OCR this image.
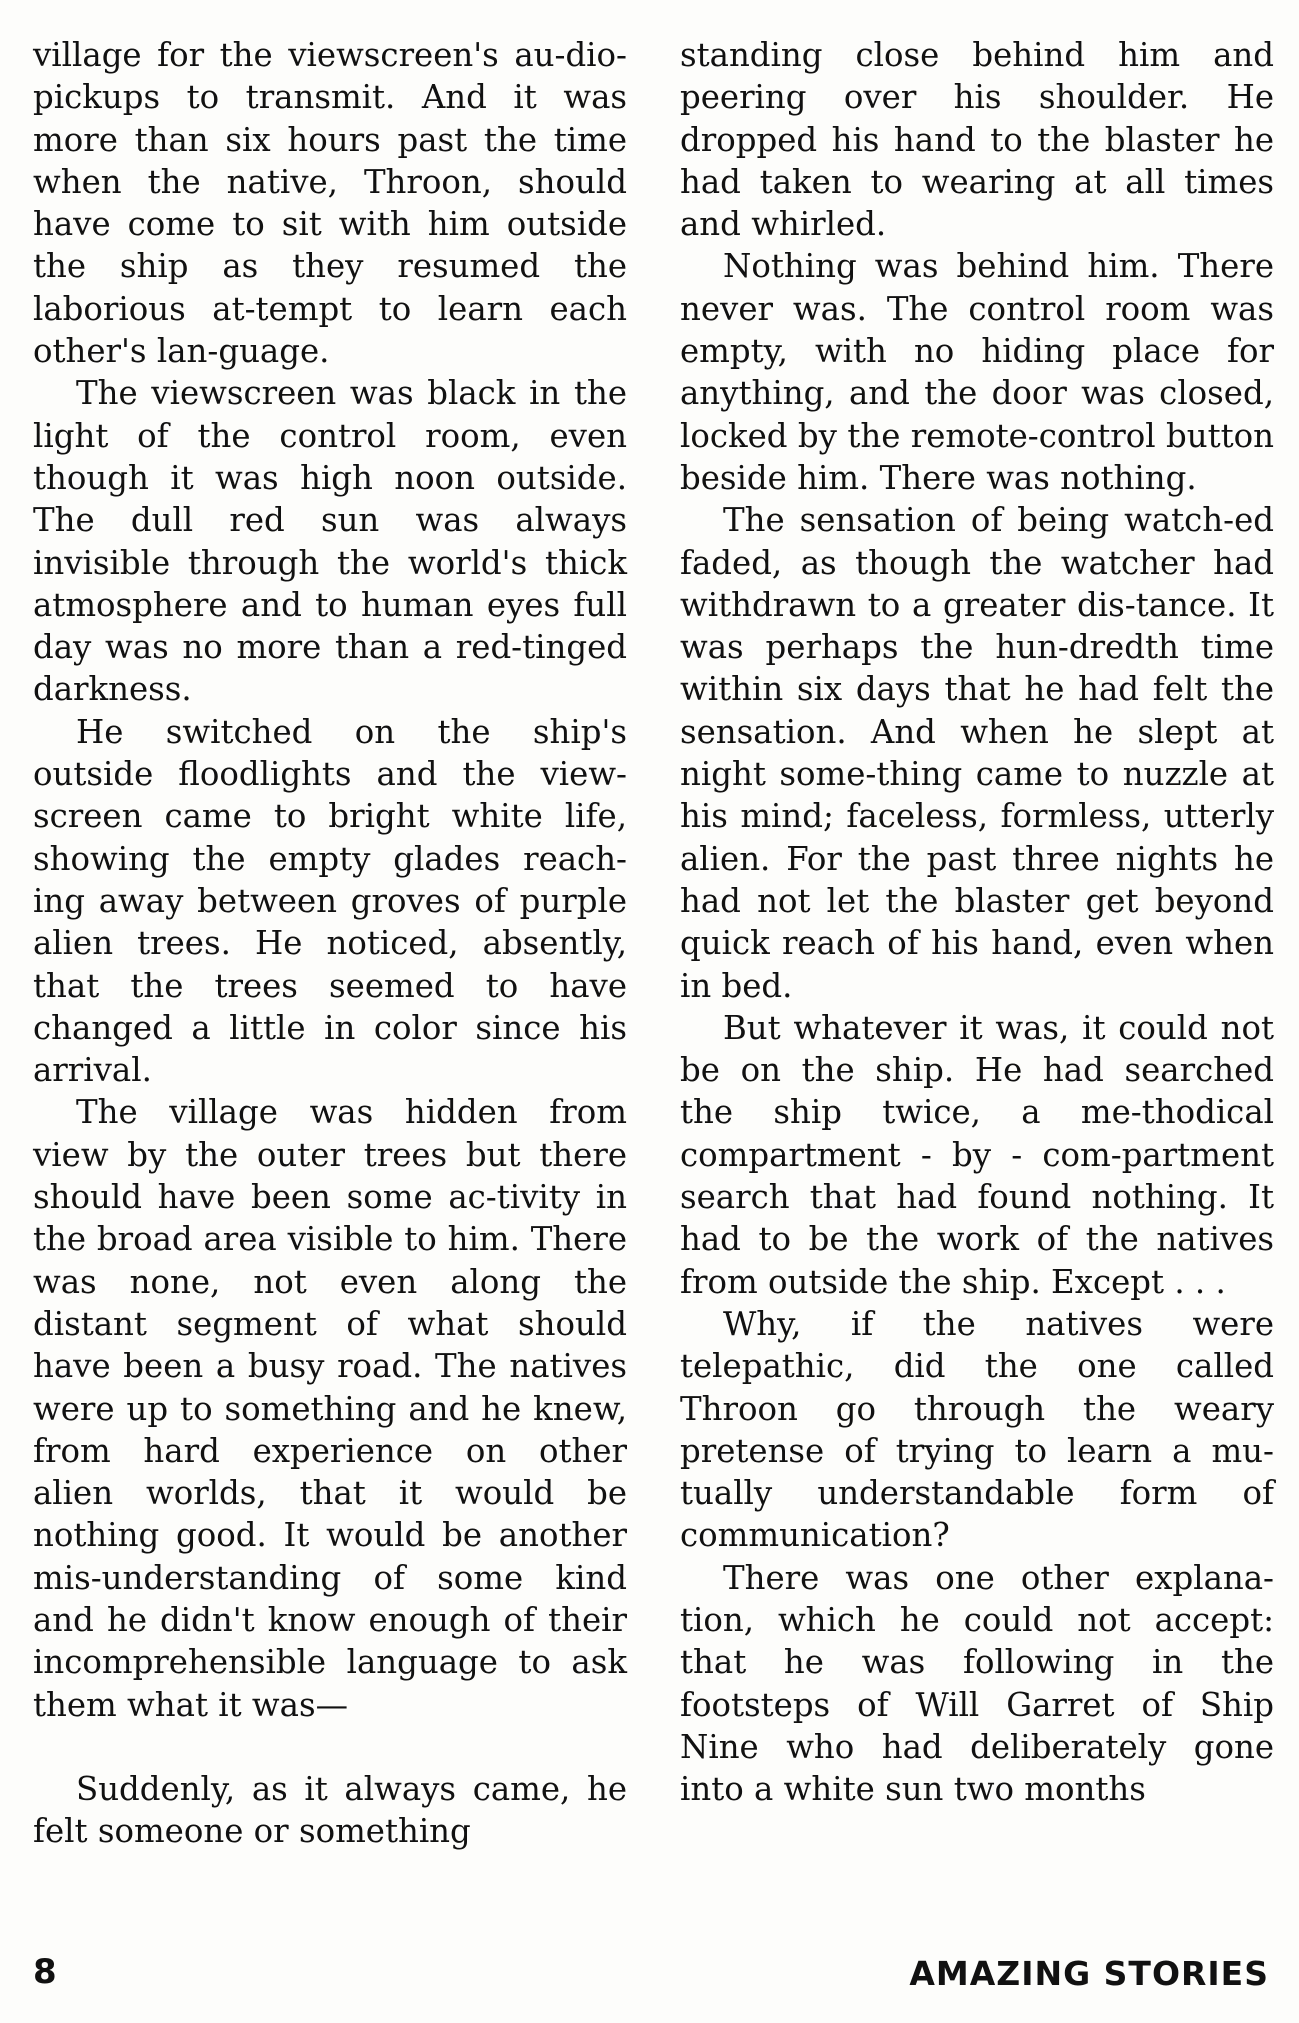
village for the viewscreen's au-dio-pickups to transmit. And it was more than six hours past the time when the native, Throon, should have come to sit with him outside the ship as they resumed the laborious at-tempt to learn each other's lan-guage.

The viewscreen was black in the light of the control room, even though it was high noon outside. The dull red sun was always invisible through the world's thick atmosphere and to human eyes full day was no more than a red-tinged darkness.

He switched on the ship's outside floodlights and the view-screen came to bright white life, showing the empty glades reach-ing away between groves of purple alien trees. He noticed, absently, that the trees seemed to have changed a little in color since his arrival.

The village was hidden from view by the outer trees but there should have been some ac-tivity in the broad area visible to him. There was none, not even along the distant segment of what should have been a busy road. The natives were up to something and he knew, from hard experience on other alien worlds, that it would be nothing good. It would be another mis-understanding of some kind and he didn't know enough of their incomprehensible language to ask them what it was—

Suddenly, as it always came, he felt someone or something

standing close behind him and peering over his shoulder. He dropped his hand to the blaster he had taken to wearing at all times and whirled.

Nothing was behind him. There never was. The control room was empty, with no hiding place for anything, and the door was closed, locked by the remote-control button beside him. There was nothing.

The sensation of being watch-ed faded, as though the watcher had withdrawn to a greater dis-tance. It was perhaps the hun-dredth time within six days that he had felt the sensation. And when he slept at night some-thing came to nuzzle at his mind; faceless, formless, utterly alien. For the past three nights he had not let the blaster get beyond quick reach of his hand, even when in bed.

But whatever it was, it could not be on the ship. He had searched the ship twice, a me-thodical compartment - by - com-partment search that had found nothing. It had to be the work of the natives from outside the ship. Except . . .

Why, if the natives were telepathic, did the one called Throon go through the weary pretense of trying to learn a mu-tually understandable form of communication?

There was one other explana-tion, which he could not accept: that he was following in the footsteps of Will Garret of Ship Nine who had deliberately gone into a white sun two months

8	AMAZING STORIES
